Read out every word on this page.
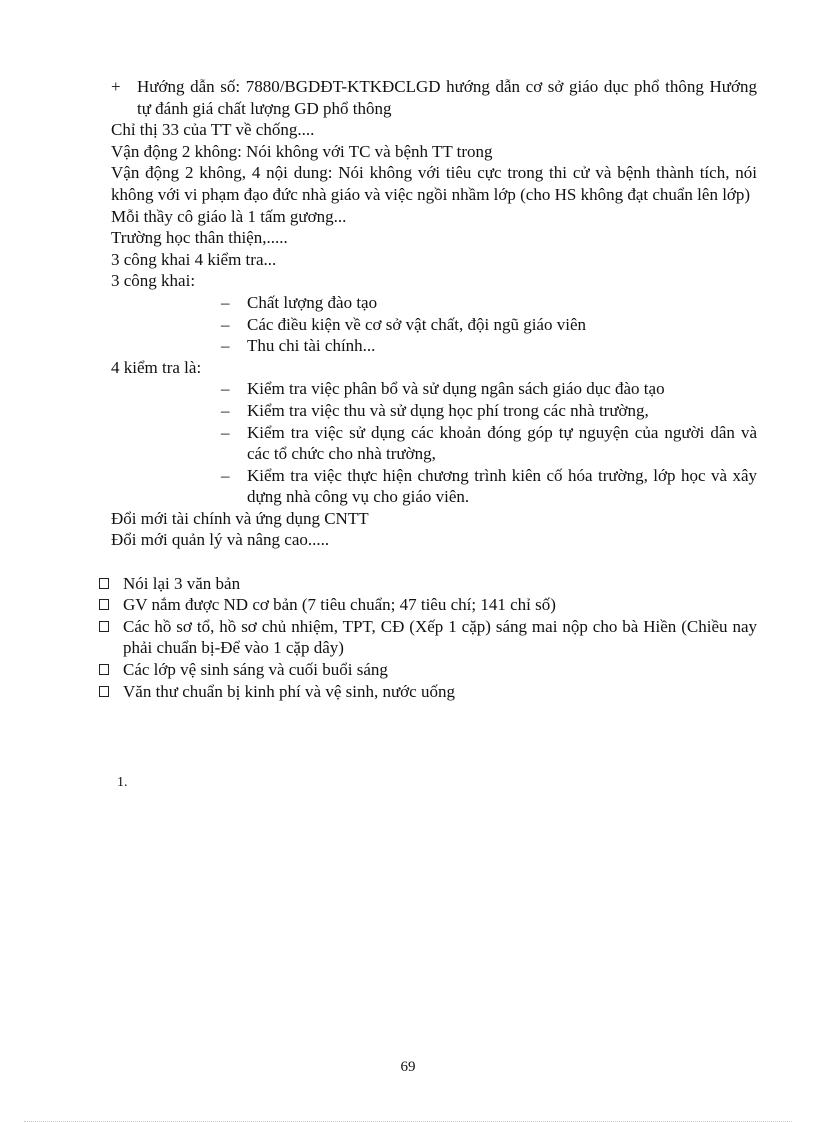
+ Hướng dẫn số: 7880/BGDĐT-KTKĐCLGD hướng dẫn cơ sở giáo dục phổ thông Hướng tự đánh giá chất lượng GD phổ thông
Chỉ thị 33 của TT về chống....
Vận động 2 không: Nói không với TC và bệnh TT trong
Vận động 2 không, 4 nội dung: Nói không với tiêu cực trong thi cử và bệnh thành tích, nói không với vi phạm đạo đức nhà giáo và việc ngồi nhầm lớp (cho HS không đạt chuẩn lên lớp)
Mỗi thầy cô giáo là 1 tấm gương...
Trường học thân thiện,.....
3 công khai 4 kiểm tra...
3 công khai:
–	Chất lượng đào tạo
–	Các điều kiện về cơ sở vật chất, đội ngũ giáo viên
–	Thu chi tài chính...
4 kiểm tra là:
–	Kiểm tra việc phân bổ và sử dụng ngân sách giáo dục đào tạo
–	Kiểm tra việc thu và sử dụng học phí trong các nhà trường,
–	Kiểm tra việc sử dụng các khoản đóng góp tự nguyện của người dân và các tổ chức cho nhà trường,
–	Kiểm tra việc thực hiện chương trình kiên cố hóa trường, lớp học và xây dựng nhà công vụ cho giáo viên.
Đổi mới tài chính và ứng dụng CNTT
Đổi mới quản lý và nâng cao.....
Nói lại 3 văn bản
GV nắm được ND cơ bản (7 tiêu chuẩn; 47 tiêu chí; 141 chỉ số)
Các hồ sơ tổ, hồ sơ chủ nhiệm, TPT, CĐ (Xếp 1 cặp) sáng mai nộp cho bà Hiền (Chiều nay phải chuẩn bị-Để vào 1 cặp dây)
Các lớp vệ sinh sáng và cuối buổi sáng
Văn thư chuẩn bị kinh phí và vệ sinh, nước uống
1.
69
